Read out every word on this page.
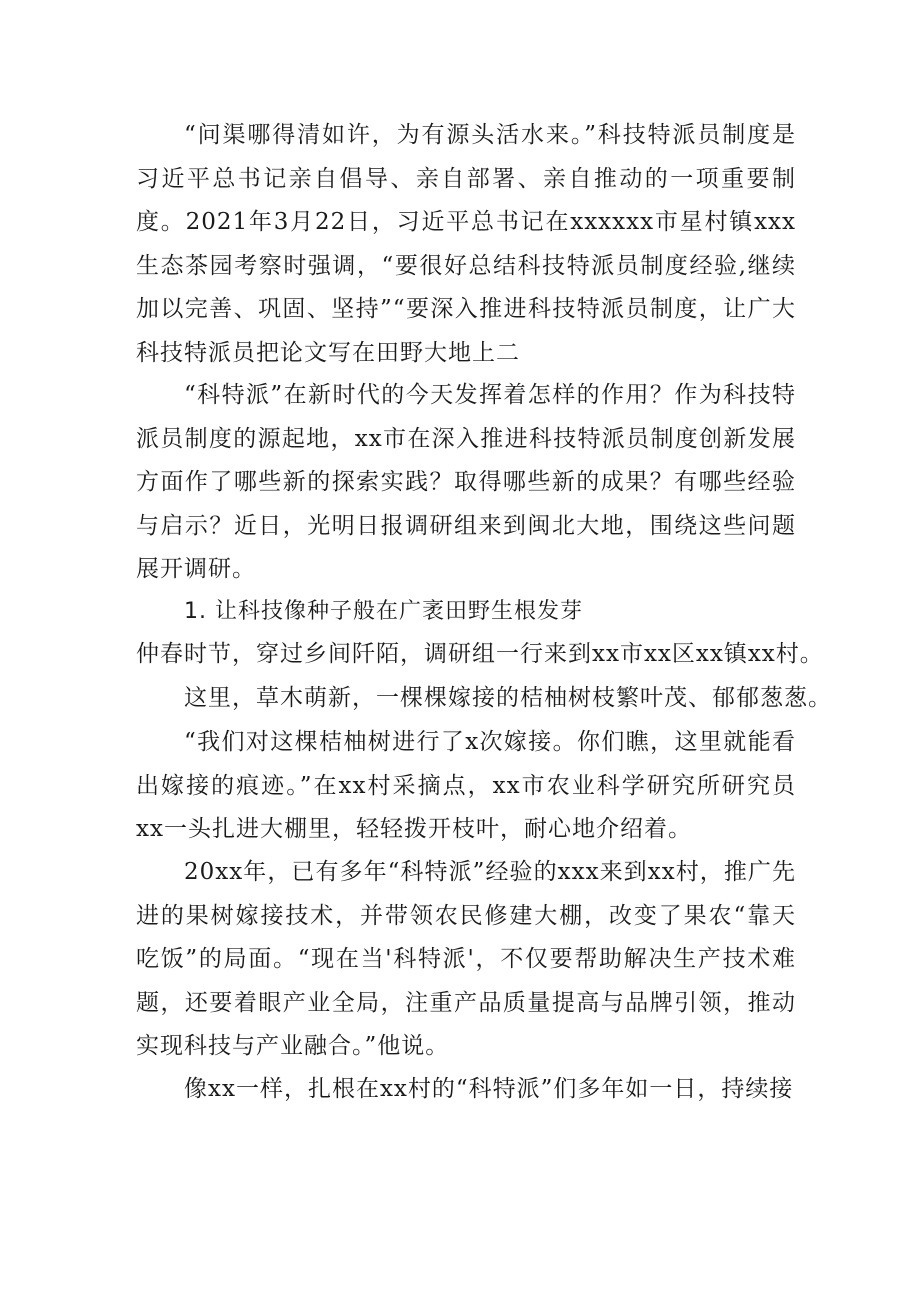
“问渠哪得清如许，为有源头活水来。”科技特派员制度是习近平总书记亲自倡导、亲自部署、亲自推动的一项重要制度。2021年3月22日，习近平总书记在xxxxxx市星村镇xxx生态茶园考察时强调，“要很好总结科技特派员制度经验,继续加以完善、巩固、坚持”“要深入推进科技特派员制度，让广大科技特派员把论文写在田野大地上二

“科特派”在新时代的今天发挥着怎样的作用？作为科技特派员制度的源起地，xx市在深入推进科技特派员制度创新发展方面作了哪些新的探索实践？取得哪些新的成果？有哪些经验与启示？近日，光明日报调研组来到闽北大地，围绕这些问题展开调研。

1. 让科技像种子般在广袤田野生根发芽

仲春时节，穿过乡间阡陌，调研组一行来到xx市xx区xx镇xx村。

这里，草木萌新，一棵棵嫁接的桔柚树枝繁叶茂、郁郁葱葱。

“我们对这棵桔柚树进行了x次嫁接。你们瞧，这里就能看出嫁接的痕迹。”在xx村采摘点，xx市农业科学研究所研究员xx一头扎进大棚里，轻轻拨开枝叶，耐心地介绍着。

20xx年，已有多年“科特派”经验的xxx来到xx村，推广先进的果树嫁接技术，并带领农民修建大棚，改变了果农“靠天吃饭”的局面。“现在当'科特派'，不仅要帮助解决生产技术难题，还要着眼产业全局，注重产品质量提高与品牌引领，推动实现科技与产业融合。”他说。

像xx一样，扎根在xx村的“科特派”们多年如一日，持续接
